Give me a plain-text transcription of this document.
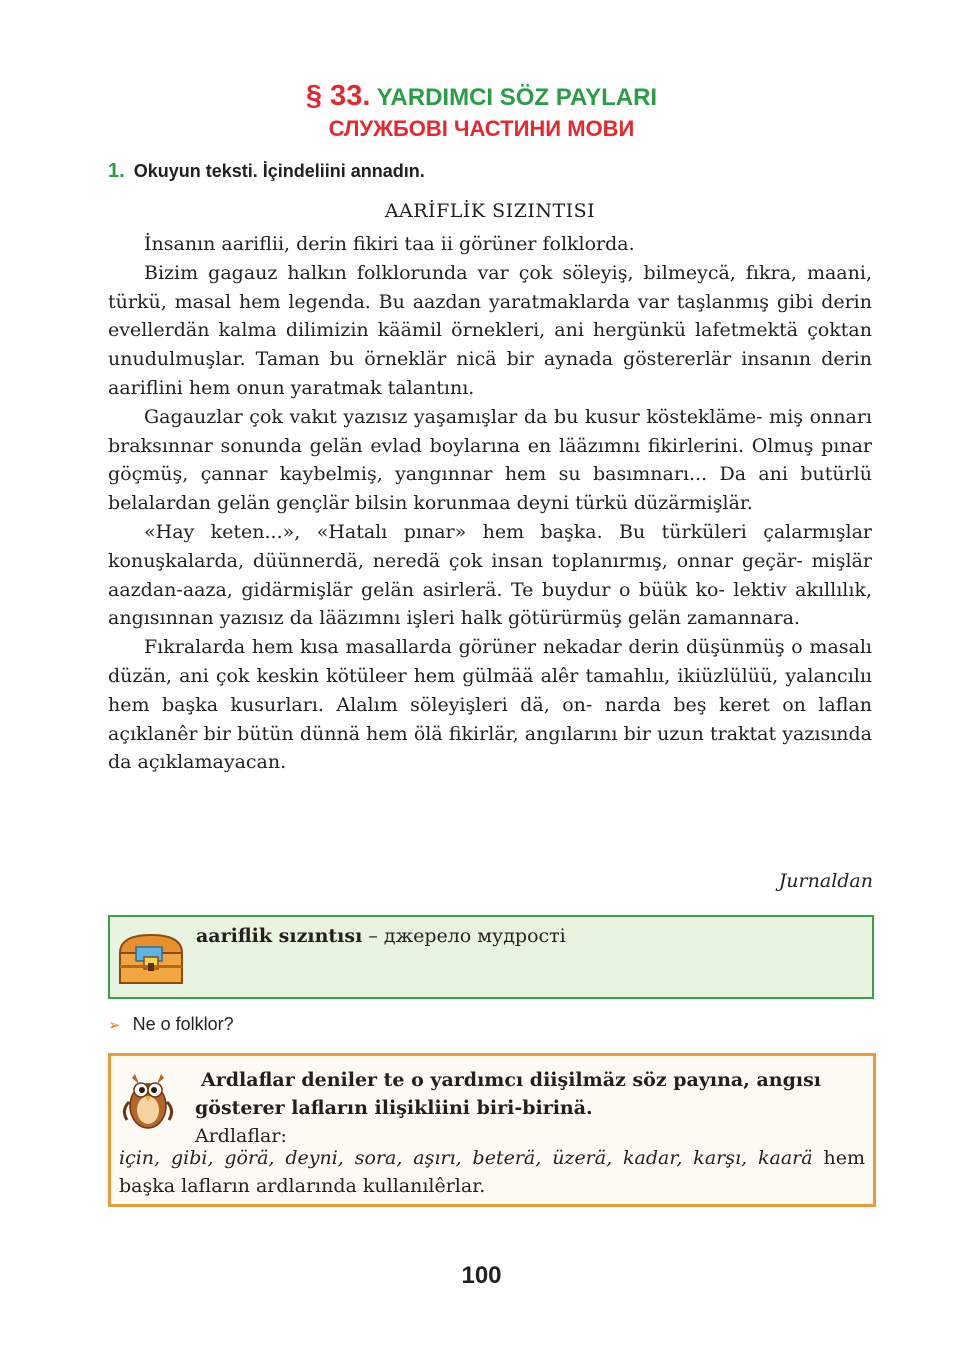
§ 33. YARDIMCI SÖZ PAYLARI
СЛУЖБОВІ ЧАСТИНИ МОВИ
1. Okuyun teksti. İçindeliini annadın.
AARİFLİK SIZINTISI

İnsanın aariflii, derin fikiri taa ii görüner folklorda.

Bizim gagauz halkın folklorunda var çok söleyiş, bilmeycä, fıkra, maani, türkü, masal hem legenda. Bu aazdan yaratmaklarda var taşlanmış gibi derin evellerdän kalma dilimizin käämil örnekleri, ani hergünkü lafetmektä çoktan unudulmuşlar. Taman bu örneklär nicä bir aynada göstererlär insanın derin aariflini hem onun yaratmak talantını.

Gagauzlar çok vakıt yazısız yaşamışlar da bu kusur köstekläme- miş onnarı braksınnar sonunda gelän evlad boylarına en lääzımnı fikirlerini. Olmuş pınar göçmüş, çannar kaybelmiş, yangınnar hem su basımnarı... Da ani butürlü belalardan gelän gençlär bilsin korunmaa deyni türkü düzärmişlär.

«Hay keten...», «Hatalı pınar» hem başka. Bu türküleri çalarmışlar konuşkalarda, düünnerdä, neredä çok insan toplanırmış, onnar geçär- mişlär aazdan-aaza, gidärmişlär gelän asirlerä. Te buydur o büük ko- lektiv akıllılık, angısınnan yazısız da lääzımnı işleri halk götürürmüş gelän zamannara.

Fıkralarda hem kısa masallarda görüner nekadar derin düşünmüş o masalı düzän, ani çok keskin kötüleer hem gülmää alêr tamahlıı, ikiüzlülüü, yalancılıı hem başka kusurları. Alalım söleyişleri dä, on- narda beş keret on laflan açıklanêr bir bütün dünnä hem ölä fikirlär, angılarını bir uzun traktat yazısında da açıklamayacan.

Jurnaldan
aariflik sızıntısı – джерело мудрості
➢ Ne o folklor?
Ardlaflar deniler te o yardımcı diişilmäz söz payına, angısı gösterer lafların ilişikliini biri-birinä.
Ardlaflar:
için, gibi, görä, deyni, sora, aşırı, beterä, üzerä, kadar, karşı, kaarä hem başka lafların ardlarında kullanılêrlar.
100
